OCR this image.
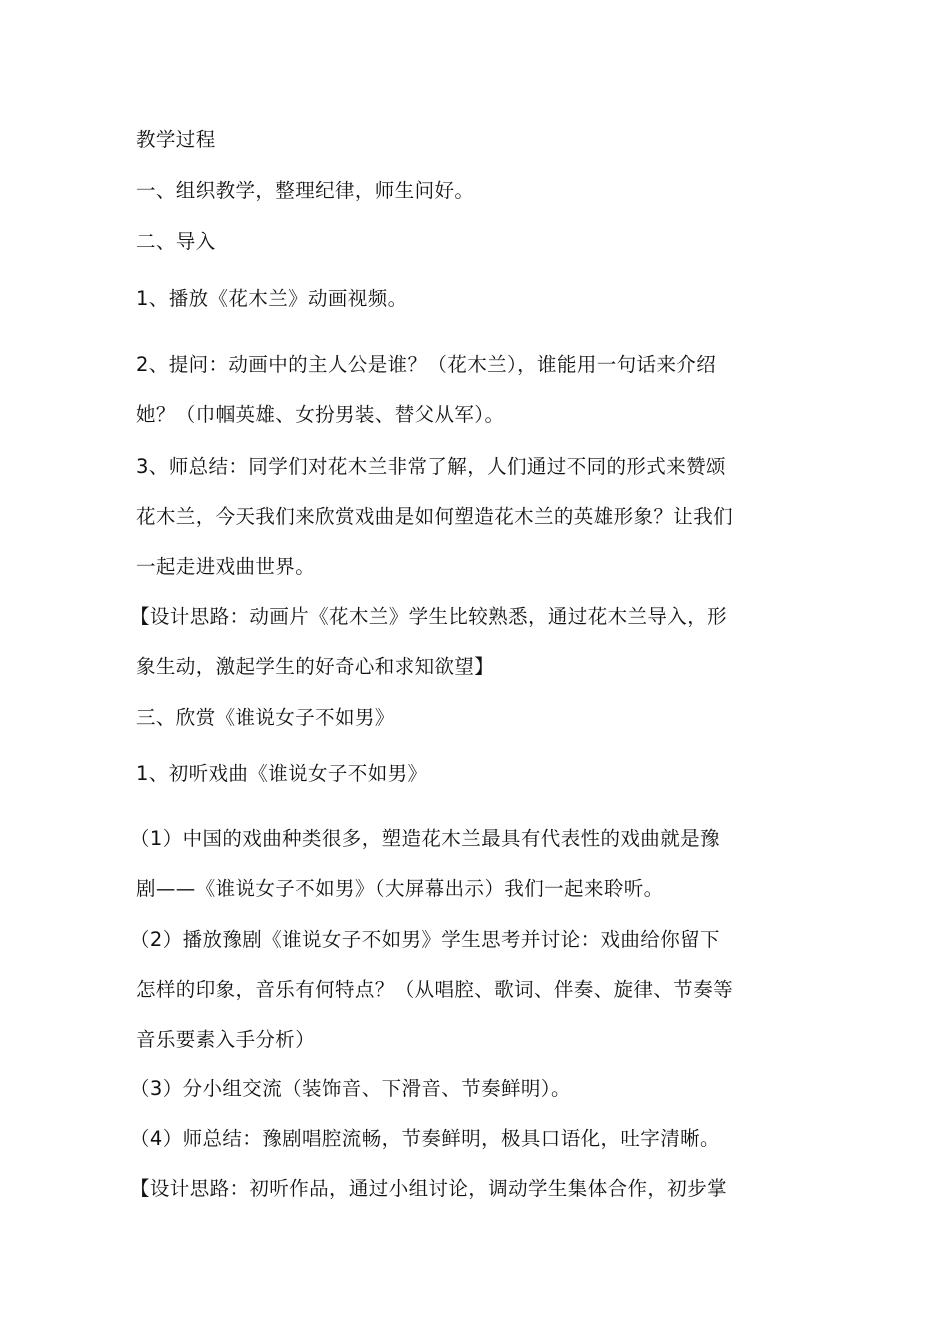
教学过程
一、组织教学，整理纪律，师生问好。
二、导入
1、播放《花木兰》动画视频。
2、提问：动画中的主人公是谁？（花木兰），谁能用一句话来介绍
她？（巾帼英雄、女扮男装、替父从军）。
3、师总结：同学们对花木兰非常了解，人们通过不同的形式来赞颂
花木兰，今天我们来欣赏戏曲是如何塑造花木兰的英雄形象？让我们
一起走进戏曲世界。
【设计思路：动画片《花木兰》学生比较熟悉，通过花木兰导入，形
象生动，激起学生的好奇心和求知欲望】
三、欣赏《谁说女子不如男》
1、初听戏曲《谁说女子不如男》
（1）中国的戏曲种类很多，塑造花木兰最具有代表性的戏曲就是豫
剧——《谁说女子不如男》（大屏幕出示）我们一起来聆听。
（2）播放豫剧《谁说女子不如男》学生思考并讨论：戏曲给你留下
怎样的印象，音乐有何特点？（从唱腔、歌词、伴奏、旋律、节奏等
音乐要素入手分析）
（3）分小组交流（装饰音、下滑音、节奏鲜明）。
（4）师总结：豫剧唱腔流畅，节奏鲜明，极具口语化，吐字清晰。
【设计思路：初听作品，通过小组讨论，调动学生集体合作，初步掌
